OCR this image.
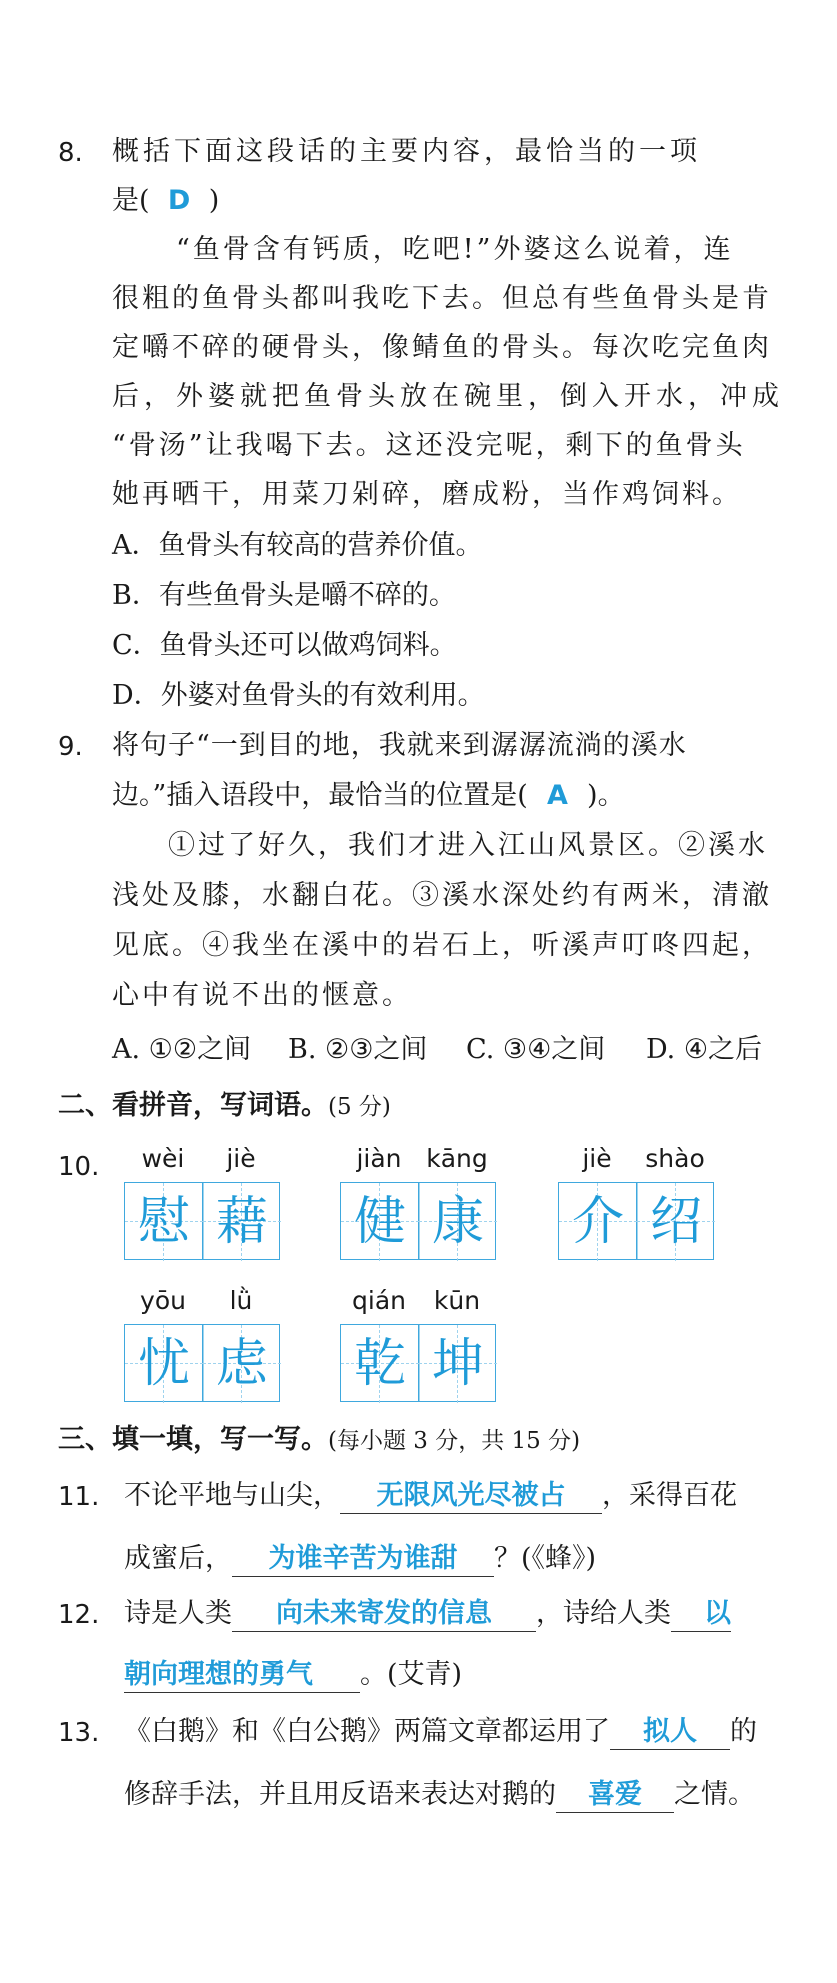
8. 概括下面这段话的主要内容，最恰当的一项
是( D )
“鱼骨含有钙质，吃吧!”外婆这么说着，连
很粗的鱼骨头都叫我吃下去。但总有些鱼骨头是肯
定嚼不碎的硬骨头，像鲭鱼的骨头。每次吃完鱼肉
后，外婆就把鱼骨头放在碗里，倒入开水，冲成
“骨汤”让我喝下去。这还没完呢，剩下的鱼骨头
她再晒干，用菜刀剁碎，磨成粉，当作鸡饲料。
A．鱼骨头有较高的营养价值。
B．有些鱼骨头是嚼不碎的。
C．鱼骨头还可以做鸡饲料。
D．外婆对鱼骨头的有效利用。
9. 将句子“一到目的地，我就来到潺潺流淌的溪水
边。”插入语段中，最恰当的位置是( A )。
①过了好久，我们才进入江山风景区。②溪水
浅处及膝，水翻白花。③溪水深处约有两米，清澈
见底。④我坐在溪中的岩石上，听溪声叮咚四起，
心中有说不出的惬意。
A. ①②之间 B. ②③之间 C. ③④之间 D. ④之后
二、看拼音，写词语。(5 分)
10.	wèi	jiè
慰 藉
jiàn kāng
健 康
jiè	shào
介 绍
yōu	lǜ
忧 虑
qián	kūn
乾 坤
三、填一填，写一写。(每小题 3 分，共 15 分)
11. 不论平地与山尖， 无限风光尽被占 ，采得百花
成蜜后， 为谁辛苦为谁甜 ？(《蜂》)
12. 诗是人类 向未来寄发的信息 ，诗给人类 以
朝向理想的勇气 。(艾青)
13. 《白鹅》和《白公鹅》两篇文章都运用了 拟人 的
修辞手法，并且用反语来表达对鹅的 喜爱 之情。
